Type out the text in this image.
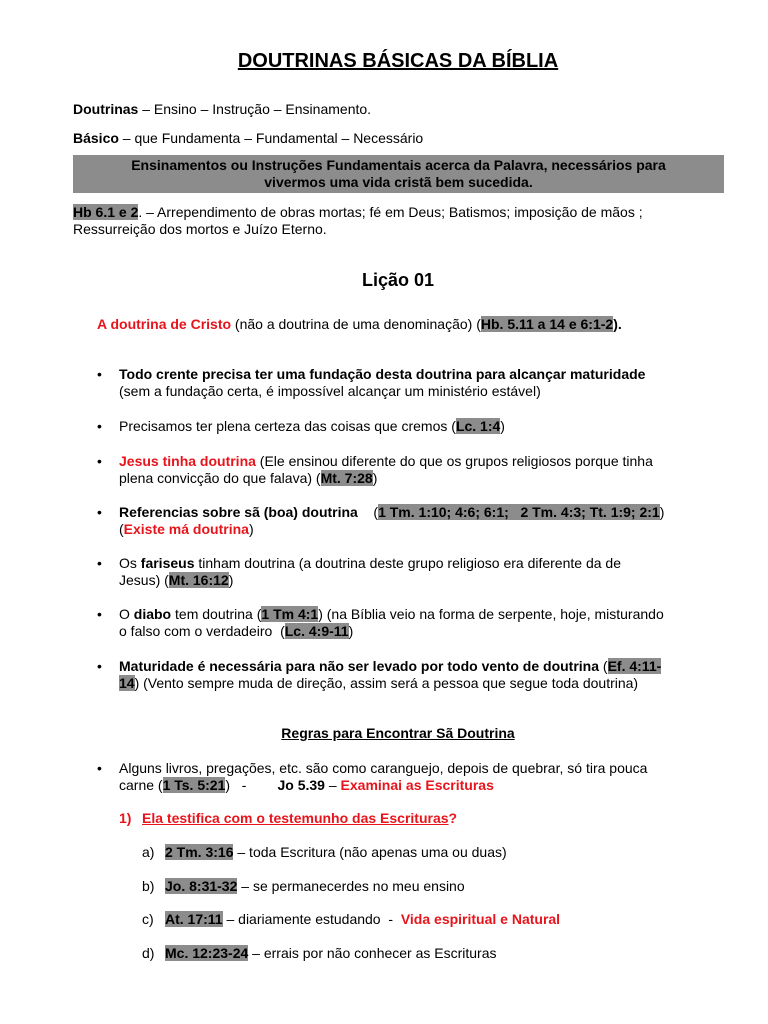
DOUTRINAS BÁSICAS DA BÍBLIA
Doutrinas – Ensino – Instrução – Ensinamento.
Básico – que Fundamenta – Fundamental – Necessário
Ensinamentos ou Instruções Fundamentais acerca da Palavra, necessários para
vivermos uma vida cristã bem sucedida.
Hb 6.1 e 2. – Arrependimento de obras mortas; fé em Deus; Batismos; imposição de mãos ;
Ressurreição dos mortos e Juízo Eterno.
Lição 01
A doutrina de Cristo (não a doutrina de uma denominação) (Hb. 5.11 a 14 e 6:1-2).
• Todo crente precisa ter uma fundação desta doutrina para alcançar maturidade
(sem a fundação certa, é impossível alcançar um ministério estável)
• Precisamos ter plena certeza das coisas que cremos (Lc. 1:4)
• Jesus tinha doutrina (Ele ensinou diferente do que os grupos religiosos porque tinha
plena convicção do que falava) (Mt. 7:28)
• Referencias sobre sã (boa) doutrina    (1 Tm. 1:10; 4:6; 6:1;   2 Tm. 4:3; Tt. 1:9; 2:1)
(Existe má doutrina)
• Os fariseus tinham doutrina (a doutrina deste grupo religioso era diferente da de
Jesus) (Mt. 16:12)
• O diabo tem doutrina (1 Tm 4:1) (na Bíblia veio na forma de serpente, hoje, misturando
o falso com o verdadeiro  (Lc. 4:9-11)
• Maturidade é necessária para não ser levado por todo vento de doutrina (Ef. 4:11-
14) (Vento sempre muda de direção, assim será a pessoa que segue toda doutrina)
Regras para Encontrar Sã Doutrina
• Alguns livros, pregações, etc. são como caranguejo, depois de quebrar, só tira pouca
carne (1 Ts. 5:21)   -        Jo 5.39 – Examinai as Escrituras
1) Ela testifica com o testemunho das Escrituras?
a) 2 Tm. 3:16 – toda Escritura (não apenas uma ou duas)
b) Jo. 8:31-32 – se permanecerdes no meu ensino
c) At. 17:11 – diariamente estudando  -  Vida espiritual e Natural
d) Mc. 12:23-24 – errais por não conhecer as Escrituras
